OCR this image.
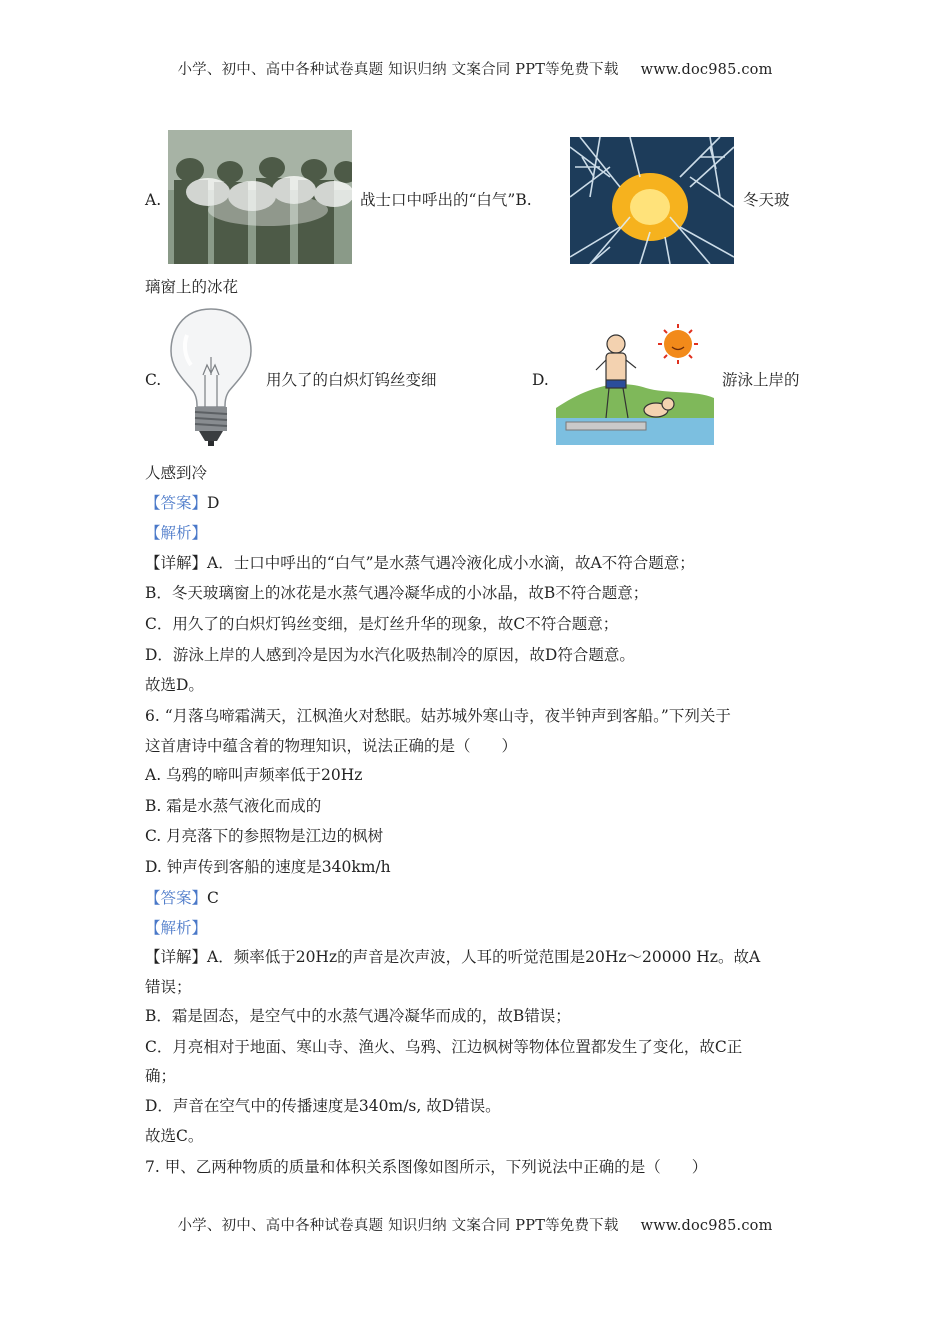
小学、初中、高中各种试卷真题 知识归纳 文案合同 PPT等免费下载 www.doc985.com
A.	战士口中呼出的“白气”B.	冬天玻
璃窗上的冰花
C.	用久了的白炽灯钨丝变细	D.	游泳上岸的
人感到冷
【答案】D
【解析】
【详解】A．士口中呼出的“白气”是水蒸气遇冷液化成小水滴，故A不符合题意；
B．冬天玻璃窗上的冰花是水蒸气遇冷凝华成的小冰晶，故B不符合题意；
C．用久了的白炽灯钨丝变细，是灯丝升华的现象，故C不符合题意；
D．游泳上岸的人感到冷是因为水汽化吸热制冷的原因，故D符合题意。
故选D。
6. “月落乌啼霜满天，江枫渔火对愁眠。姑苏城外寒山寺，夜半钟声到客船。”下列关于
这首唐诗中蕴含着的物理知识，说法正确的是（　　）
A. 乌鸦的啼叫声频率低于20Hz
B. 霜是水蒸气液化而成的
C. 月亮落下的参照物是江边的枫树
D. 钟声传到客船的速度是340km/h
【答案】C
【解析】
【详解】A．频率低于20Hz的声音是次声波，人耳的听觉范围是20Hz～20000 Hz。故A
错误；
B．霜是固态，是空气中的水蒸气遇冷凝华而成的，故B错误；
C．月亮相对于地面、寒山寺、渔火、乌鸦、江边枫树等物体位置都发生了变化，故C正
确；
D．声音在空气中的传播速度是340m/s, 故D错误。
故选C。
7. 甲、乙两种物质的质量和体积关系图像如图所示，下列说法中正确的是（　　）
小学、初中、高中各种试卷真题 知识归纳 文案合同 PPT等免费下载 www.doc985.com
